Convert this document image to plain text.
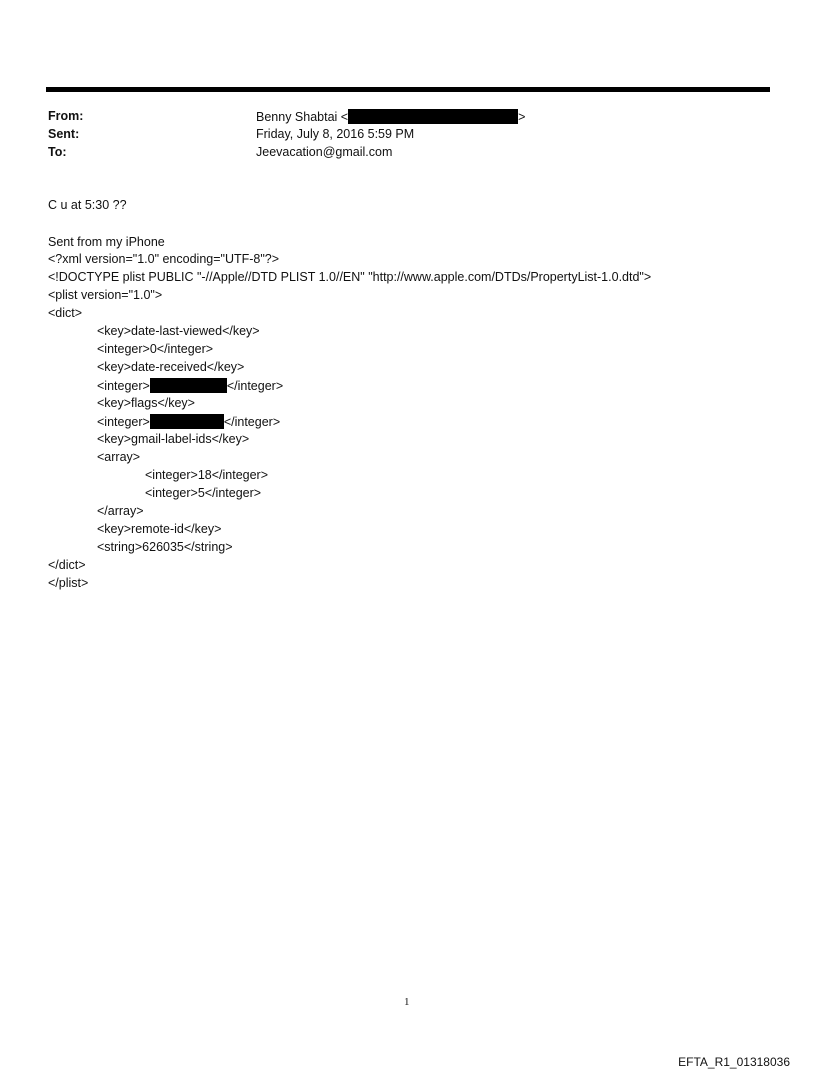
From:	Benny Shabtai <	>
Sent:	Friday, July 8, 2016 5:59 PM
To:	Jeevacation@gmail.com
C u at 5:30 ??
Sent from my iPhone
<?xml version="1.0" encoding="UTF-8"?>
<!DOCTYPE plist PUBLIC "-//Apple//DTD PLIST 1.0//EN" "http://www.apple.com/DTDs/PropertyList-1.0.dtd">
<plist version="1.0">
<dict>
<key>date-last-viewed</key>
<integer>0</integer>
<key>date-received</key>
<integer>	</integer>
<key>flags</key>
<integer>	</integer>
<key>gmail-label-ids</key>
<array>
<integer>18</integer>
<integer>5</integer>
</array>
<key>remote-id</key>
<string>626035</string>
</dict>
</plist>
1
EFTA_R1_01318036
